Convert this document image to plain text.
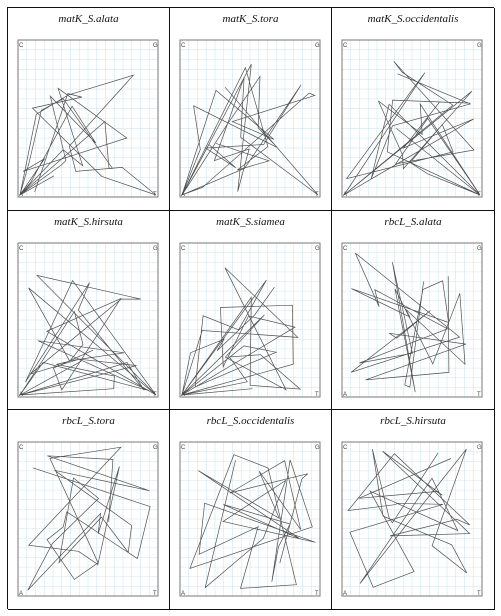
matK_S.alata
C	G
A	T
matK_S.tora
C	G
A	T
matK_S.occidentalis
C	G
A	T
matK_S.hirsuta
C	G
A	T
matK_S.siamea
C	G
A	T
rbcL_S.alata
C	G
A	T
rbcL_S.tora
C	G
A	T
rbcL_S.occidentalis
C	G
A	T
rbcL_S.hirsuta
C	G
A	T
